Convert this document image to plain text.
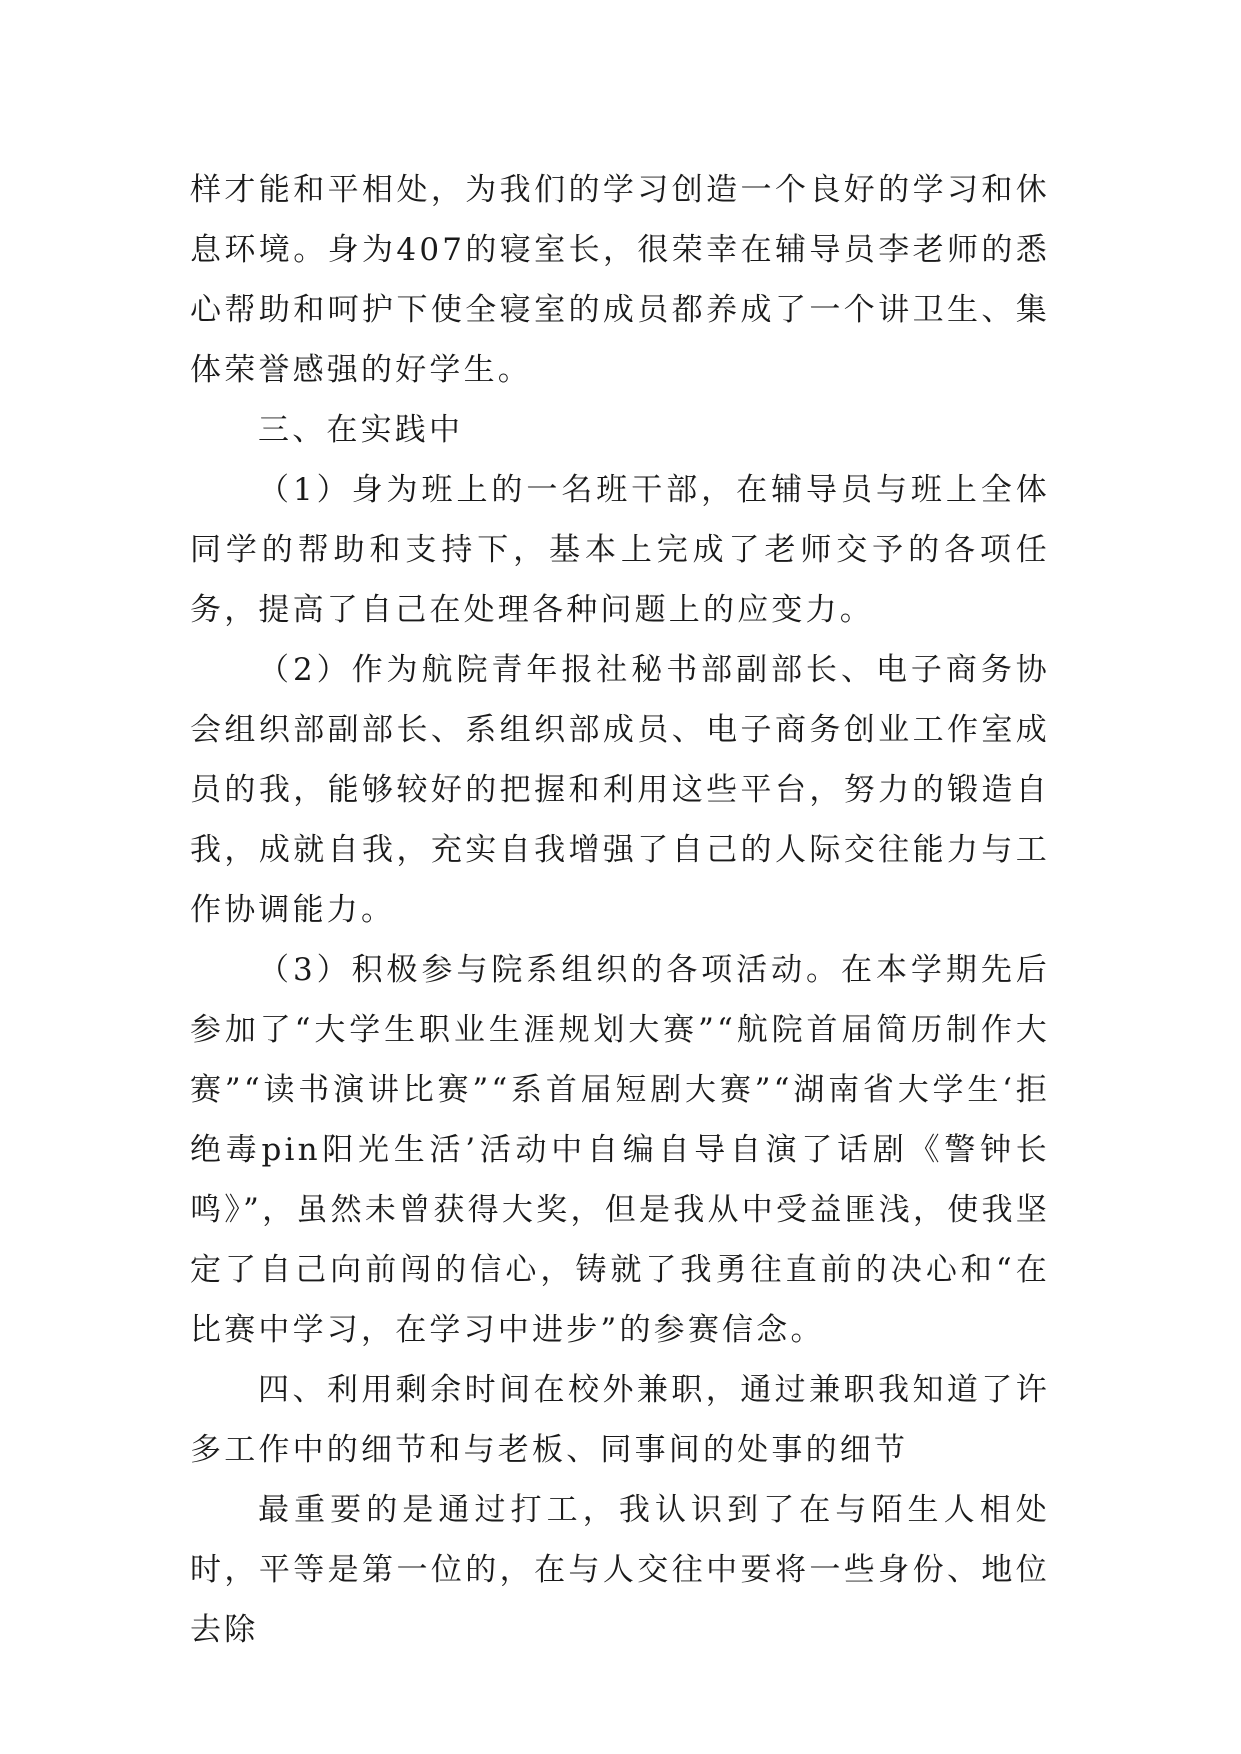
样才能和平相处，为我们的学习创造一个良好的学习和休息环境。身为407的寝室长，很荣幸在辅导员李老师的悉心帮助和呵护下使全寝室的成员都养成了一个讲卫生、集体荣誉感强的好学生。

三、在实践中

（1）身为班上的一名班干部，在辅导员与班上全体同学的帮助和支持下，基本上完成了老师交予的各项任务，提高了自己在处理各种问题上的应变力。

（2）作为航院青年报社秘书部副部长、电子商务协会组织部副部长、系组织部成员、电子商务创业工作室成员的我，能够较好的把握和利用这些平台，努力的锻造自我，成就自我，充实自我增强了自己的人际交往能力与工作协调能力。

（3）积极参与院系组织的各项活动。在本学期先后参加了“大学生职业生涯规划大赛”“航院首届简历制作大赛”“读书演讲比赛”“系首届短剧大赛”“湖南省大学生‘拒绝毒pin阳光生活’活动中自编自导自演了话剧《警钟长鸣》”，虽然未曾获得大奖，但是我从中受益匪浅，使我坚定了自己向前闯的信心，铸就了我勇往直前的决心和“在比赛中学习，在学习中进步”的参赛信念。

四、利用剩余时间在校外兼职，通过兼职我知道了许多工作中的细节和与老板、同事间的处事的细节

最重要的是通过打工，我认识到了在与陌生人相处时，平等是第一位的，在与人交往中要将一些身份、地位去除
